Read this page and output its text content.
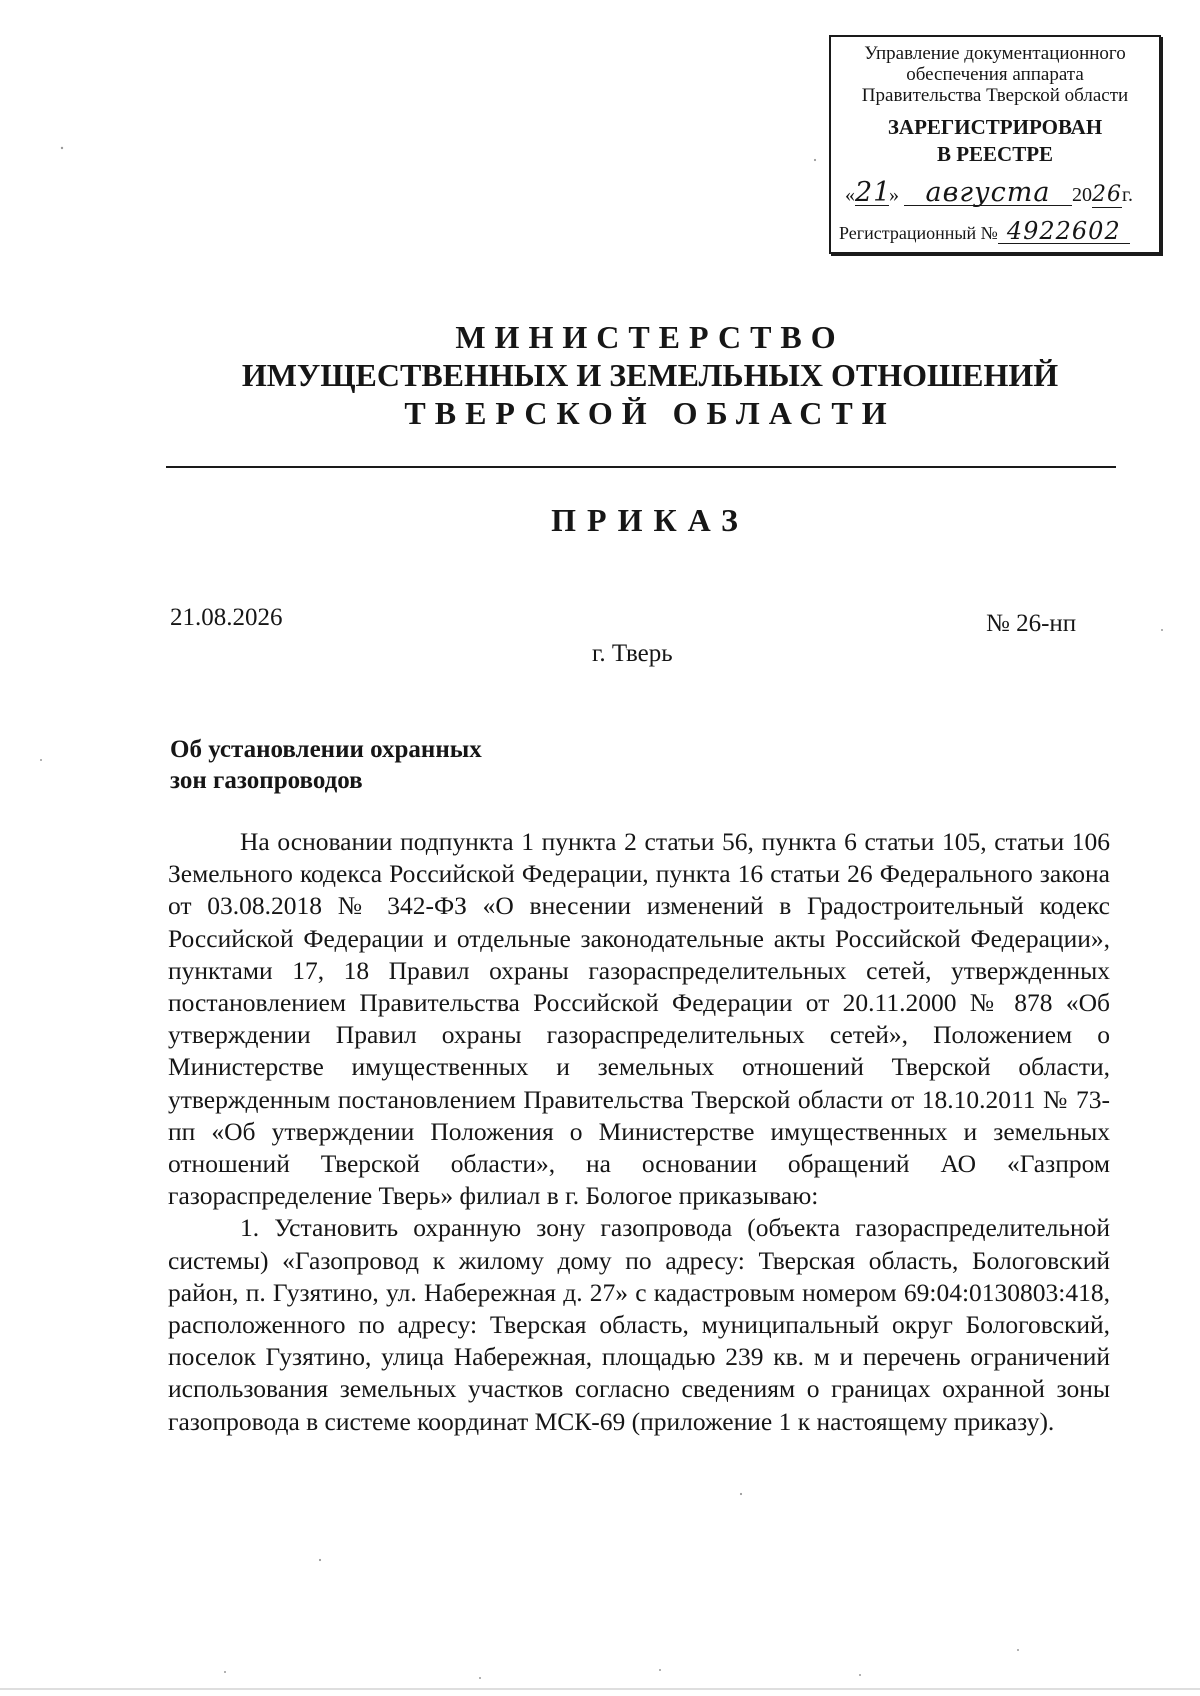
Управление документационного
обеспечения аппарата
Правительства Тверской области
ЗАРЕГИСТРИРОВАН
В РЕЕСТРЕ
«21» августа 2026г.
Регистрационный № 4922602
МИНИСТЕРСТВО
ИМУЩЕСТВЕННЫХ И ЗЕМЕЛЬНЫХ ОТНОШЕНИЙ
ТВЕРСКОЙ ОБЛАСТИ
ПРИКАЗ
21.08.2026	№ 26-нп
г. Тверь
Об установлении охранных
зон газопроводов

На основании подпункта 1 пункта 2 статьи 56, пункта 6 статьи 105, статьи 106 Земельного кодекса Российской Федерации, пункта 16 статьи 26 Федерального закона от 03.08.2018 № 342-ФЗ «О внесении изменений в Градостроительный кодекс Российской Федерации и отдельные законодательные акты Российской Федерации», пунктами 17, 18 Правил охраны газораспределительных сетей, утвержденных постановлением Правительства Российской Федерации от 20.11.2000 № 878 «Об утверждении Правил охраны газораспределительных сетей», Положением о Министерстве имущественных и земельных отношений Тверской области, утвержденным постановлением Правительства Тверской области от 18.10.2011 № 73-пп «Об утверждении Положения о Министерстве имущественных и земельных отношений Тверской области», на основании обращений АО «Газпром газораспределение Тверь» филиал в г. Бологое приказываю:

1. Установить охранную зону газопровода (объекта газораспределительной системы) «Газопровод к жилому дому по адресу: Тверская область, Бологовский район, п. Гузятино, ул. Набережная д. 27» с кадастровым номером 69:04:0130803:418, расположенного по адресу: Тверская область, муниципальный округ Бологовский, поселок Гузятино, улица Набережная, площадью 239 кв. м и перечень ограничений использования земельных участков согласно сведениям о границах охранной зоны газопровода в системе координат МСК-69 (приложение 1 к настоящему приказу).
